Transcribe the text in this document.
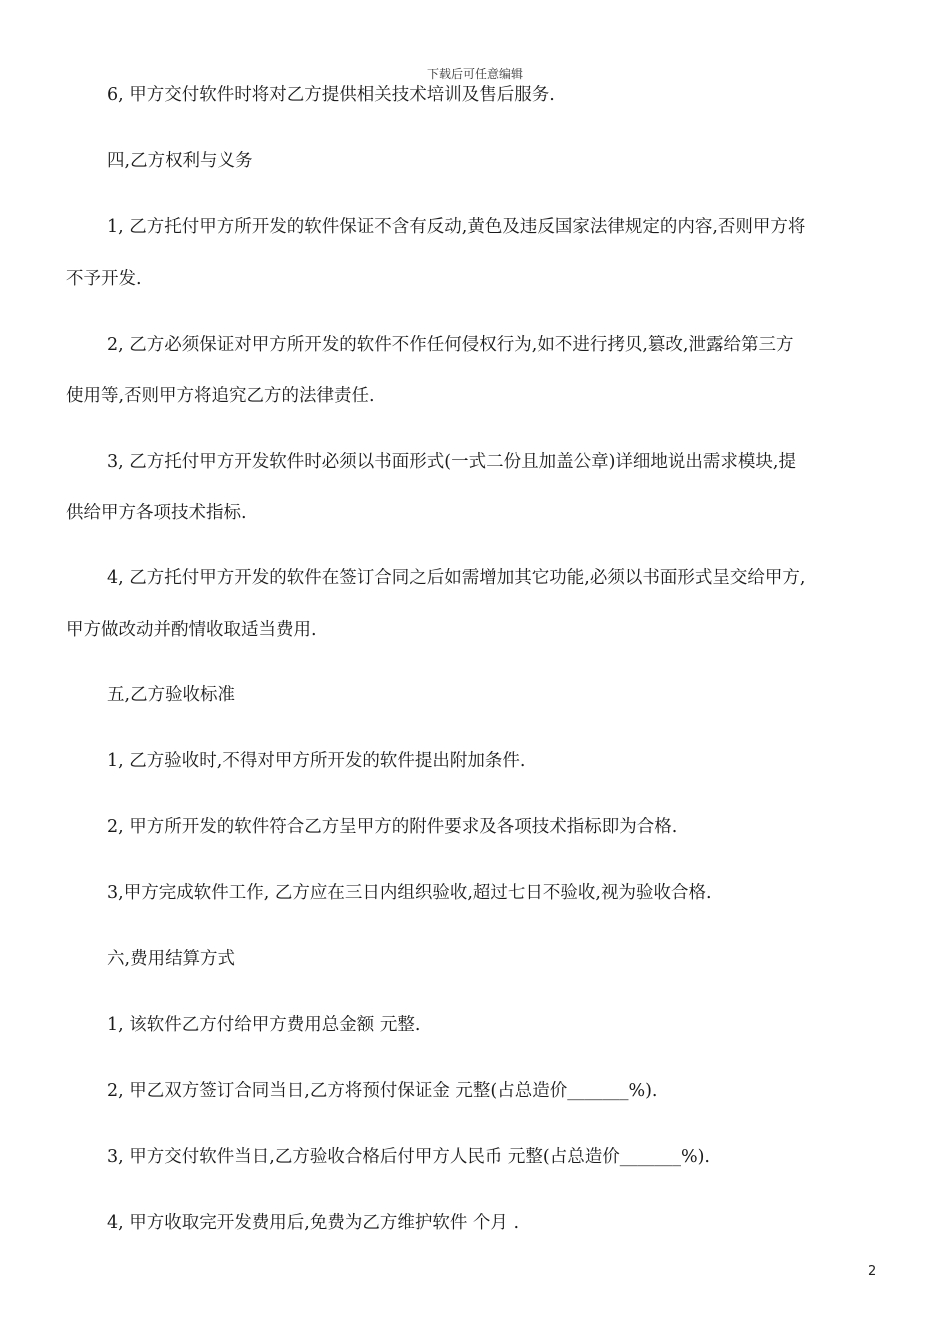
下载后可任意编辑
6, 甲方交付软件时将对乙方提供相关技术培训及售后服务.
四,乙方权利与义务
1, 乙方托付甲方所开发的软件保证不含有反动,黄色及违反国家法律规定的内容,否则甲方将
不予开发.
2, 乙方必须保证对甲方所开发的软件不作任何侵权行为,如不进行拷贝,篡改,泄露给第三方
使用等,否则甲方将追究乙方的法律责任.
3, 乙方托付甲方开发软件时必须以书面形式(一式二份且加盖公章)详细地说出需求模块,提
供给甲方各项技术指标.
4, 乙方托付甲方开发的软件在签订合同之后如需增加其它功能,必须以书面形式呈交给甲方,
甲方做改动并酌情收取适当费用.
五,乙方验收标准
1, 乙方验收时,不得对甲方所开发的软件提出附加条件.
2, 甲方所开发的软件符合乙方呈甲方的附件要求及各项技术指标即为合格.
3,甲方完成软件工作, 乙方应在三日内组织验收,超过七日不验收,视为验收合格.
六,费用结算方式
1, 该软件乙方付给甲方费用总金额 元整.
2, 甲乙双方签订合同当日,乙方将预付保证金 元整(占总造价_______%).
3, 甲方交付软件当日,乙方验收合格后付甲方人民币 元整(占总造价_______%).
4, 甲方收取完开发费用后,免费为乙方维护软件 个月 .
2
